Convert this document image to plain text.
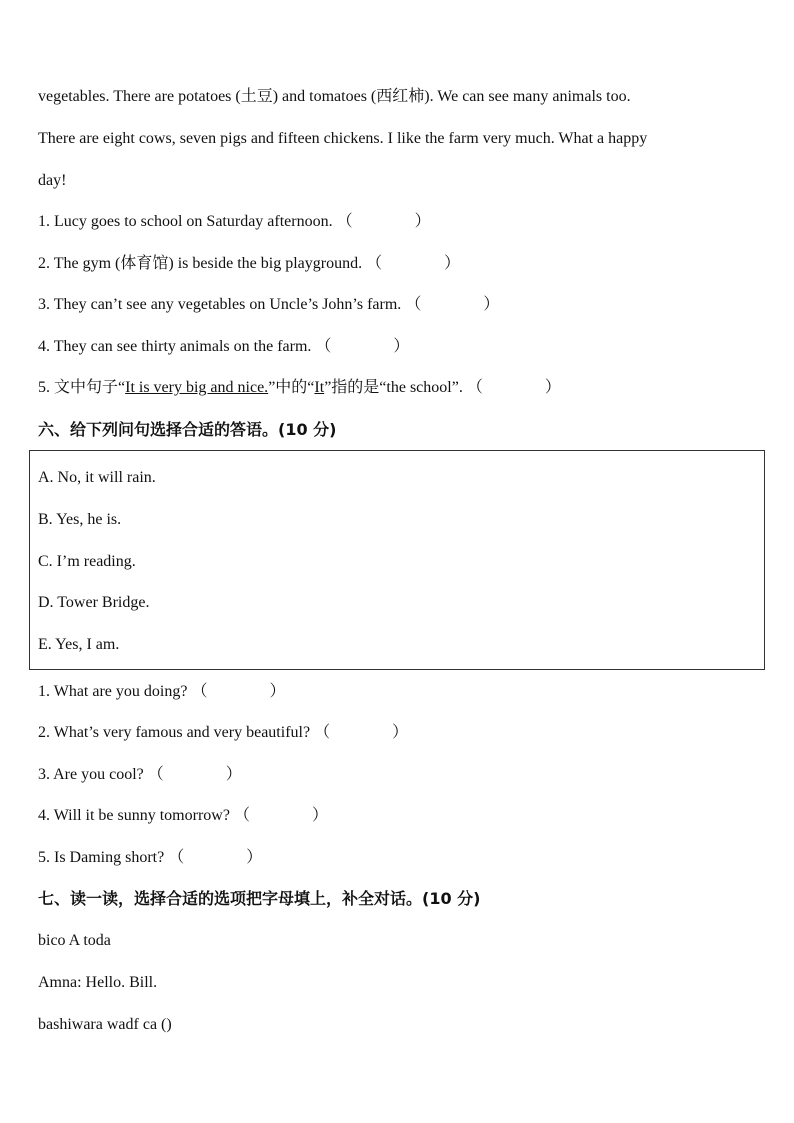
vegetables. There are potatoes (土豆) and tomatoes (西红柿). We can see many animals too.
There are eight cows, seven pigs and fifteen chickens. I like the farm very much. What a happy
day!
1. Lucy goes to school on Saturday afternoon. （	）
2. The gym (体育馆) is beside the big playground. （	）
3. They can’t see any vegetables on Uncle’s John’s farm. （	）
4. They can see thirty animals on the farm. （	）
5. 文中句子“It is very big and nice.”中的“It”指的是“the school”. （	）
六、给下列问句选择合适的答语。(10 分)
A. No, it will rain.
B. Yes, he is.
C. I’m reading.
D. Tower Bridge.
E. Yes, I am.
1. What are you doing? （	）
2. What’s very famous and very beautiful? （	）
3. Are you cool? （	）
4. Will it be sunny tomorrow? （	）
5. Is Daming short? （	）
七、读一读，选择合适的选项把字母填上，补全对话。(10 分)
bico A toda
Amna: Hello. Bill.
bashiwara wadf ca ()
